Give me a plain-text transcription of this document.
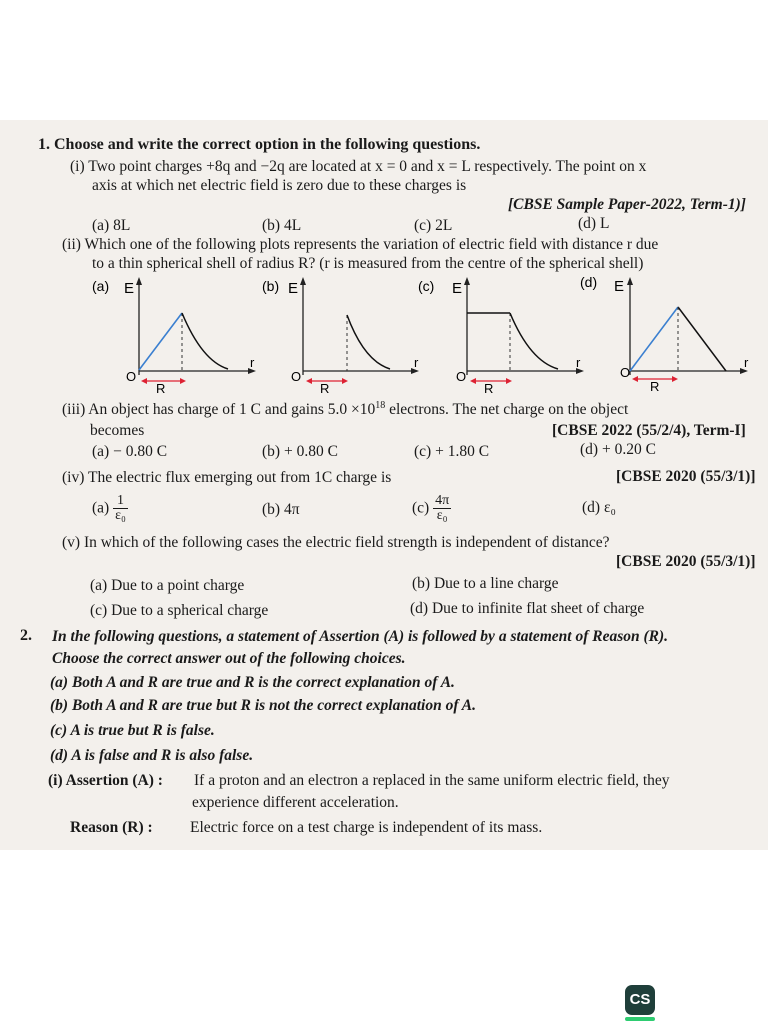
1. Choose and write the correct option in the following questions.
(i) Two point charges +8q and −2q are located at x = 0 and x = L respectively. The point on x
axis at which net electric field is zero due to these charges is
[CBSE Sample Paper-2022, Term-1)]
(a) 8L	(b) 4L	(c) 2L	(d) L
(ii) Which one of the following plots represents the variation of electric field with distance r due
to a thin spherical shell of radius R? (r is measured from the centre of the spherical shell)
(a) E
r
O
R
(b) E
r
O
R
(c) E
r
O
R
(d) E
r
O
R
(iii) An object has charge of 1 C and gains $5.0 \times 10^{18}$ electrons. The net charge on the object
becomes	[CBSE 2022 (55/2/4), Term-I]
(a) − 0.80 C	(b) + 0.80 C	(c) + 1.80 C	(d) + 0.20 C
(iv) The electric flux emerging out from 1C charge is	[CBSE 2020 (55/3/1)]
$(a) \frac{1}{\text{ε₀}}$	(b) 4π	$(c) \frac{4\pi}{\text{ε₀}}$	(d) ε₀
(v) In which of the following cases the electric field strength is independent of distance?
[CBSE 2020 (55/3/1)]
(a) Due to a point charge	(b) Due to a line charge
(c) Due to a spherical charge	(d) Due to infinite flat sheet of charge
2. In the following questions, a statement of Assertion (A) is followed by a statement of Reason (R).
Choose the correct answer out of the following choices.
(a) Both A and R are true and R is the correct explanation of A.
(b) Both A and R are true but R is not the correct explanation of A.
(c) A is true but R is false.
(d) A is false and R is also false.
(i) Assertion (A) : If a proton and an electron a replaced in the same uniform electric field, they
experience different acceleration.
Reason (R) : Electric force on a test charge is independent of its mass.
CS
